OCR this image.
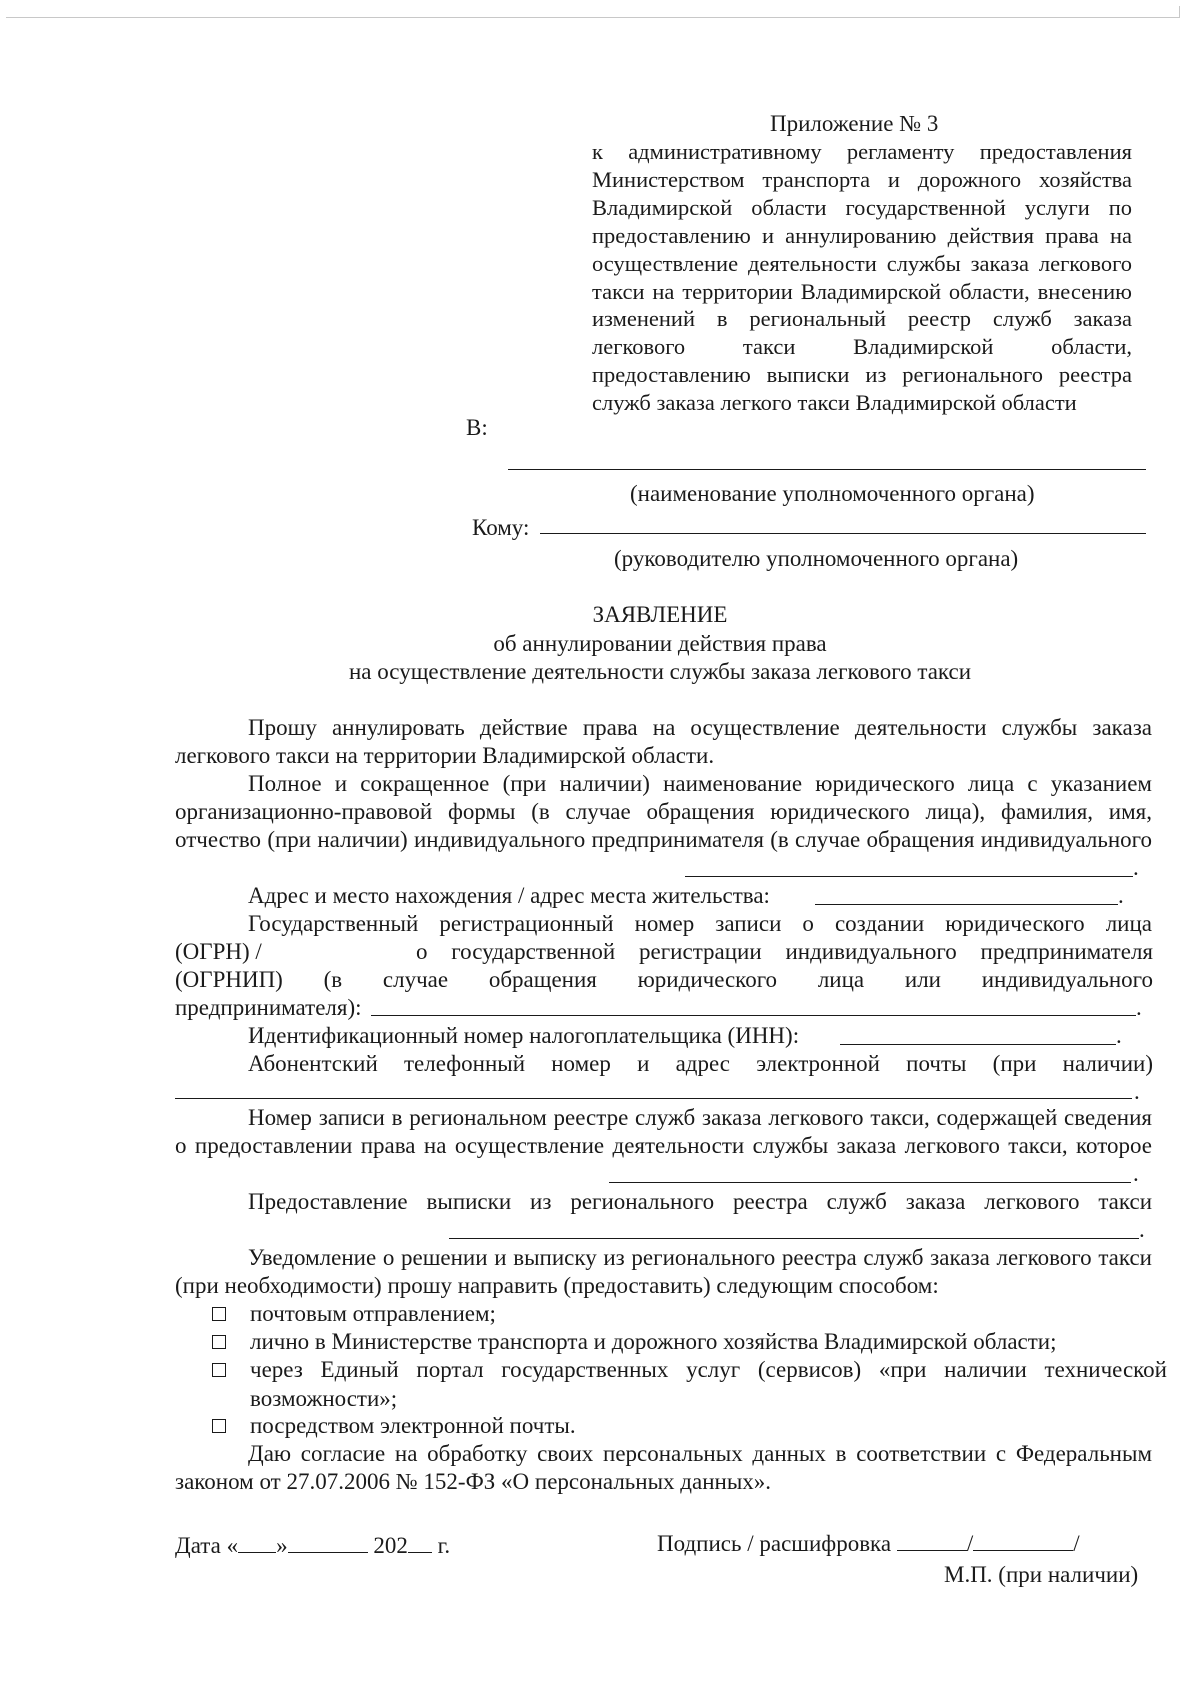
Приложение № 3
к административному регламенту предоставления Министерством транспорта и дорожного хозяйства Владимирской области государственной услуги по предоставлению и аннулированию действия права на осуществление деятельности службы заказа легкового такси на территории Владимирской области, внесению изменений в региональный реестр служб заказа легкового такси Владимирской области, предоставлению выписки из регионального реестра служб заказа легкого такси Владимирской области
В:
(наименование уполномоченного органа)
Кому:
(руководителю уполномоченного органа)
ЗАЯВЛЕНИЕ
об аннулировании действия права
на осуществление деятельности службы заказа легкового такси
Прошу аннулировать действие права на осуществление деятельности службы заказа легкового такси на территории Владимирской области.
Полное и сокращенное (при наличии) наименование юридического лица с указанием организационно-правовой формы (в случае обращения юридического лица), фамилия, имя, отчество (при наличии) индивидуального предпринимателя (в случае обращения индивидуального
.
Адрес и место нахождения / адрес места жительства:	.
Государственный регистрационный номер записи о создании юридического лица
(ОГРН) /	о государственной регистрации индивидуального предпринимателя
(ОГРНИП) (в случае обращения юридического лица или индивидуального
предпринимателя):	.
Идентификационный номер налогоплательщика (ИНН):	.
Абонентский телефонный номер и адрес электронной почты (при наличии)
.
Номер записи в региональном реестре служб заказа легкового такси, содержащей сведения о предоставлении права на осуществление деятельности службы заказа легкового такси, которое
.
Предоставление выписки из регионального реестра служб заказа легкового такси
.
Уведомление о решении и выписку из регионального реестра служб заказа легкового такси (при необходимости) прошу направить (предоставить) следующим способом:
почтовым отправлением;
лично в Министерстве транспорта и дорожного хозяйства Владимирской области;
через Единый портал государственных услуг (сервисов) «при наличии технической возможности»;
посредством электронной почты.
Даю согласие на обработку своих персональных данных в соответствии с Федеральным законом от 27.07.2006 № 152-ФЗ «О персональных данных».
Дата « »	202 г.	Подпись / расшифровка	/	/
М.П. (при наличии)
